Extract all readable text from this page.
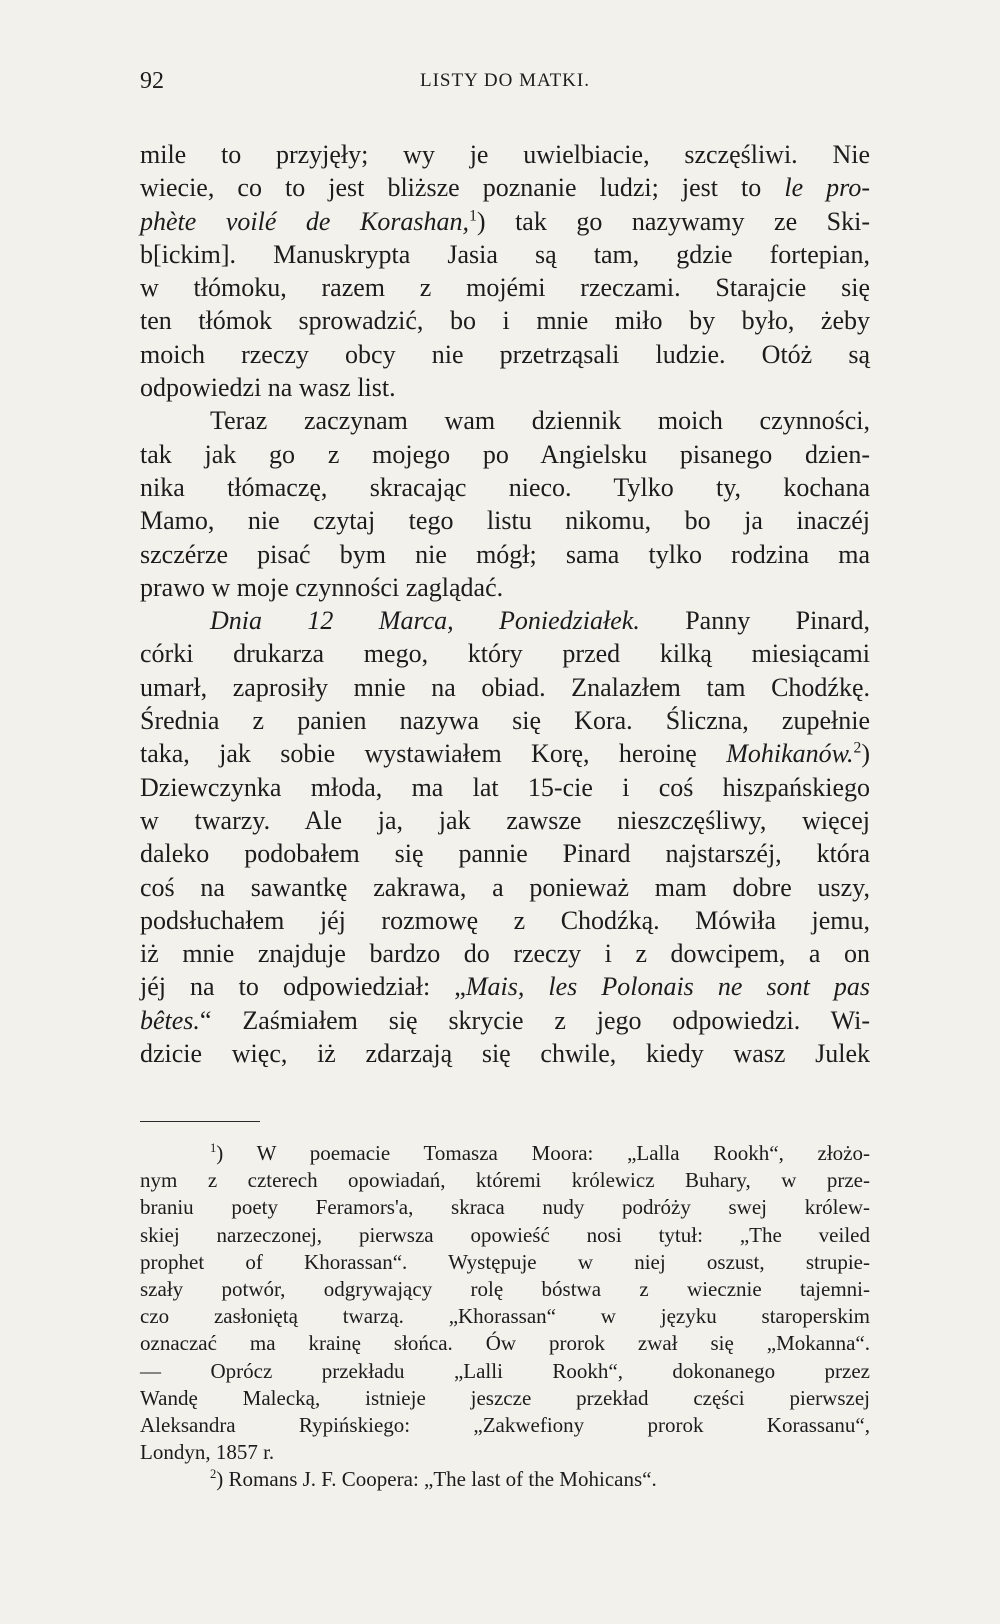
92	LISTY DO MATKI.
mile to przyjęły; wy je uwielbiacie, szczęśliwi. Nie
wiecie, co to jest bliższe poznanie ludzi; jest to le pro-
phète voilé de Korashan,$^1$) tak go nazywamy ze Ski-
b[ickim]. Manuskrypta Jasia są tam, gdzie fortepian,
w tłómoku, razem z mojémi rzeczami. Starajcie się
ten tłómok sprowadzić, bo i mnie miło by było, żeby
moich rzeczy obcy nie przetrząsali ludzie. Otóż są
odpowiedzi na wasz list.
Teraz zaczynam wam dziennik moich czynności,
tak jak go z mojego po Angielsku pisanego dzien-
nika tłómaczę, skracając nieco. Tylko ty, kochana
Mamo, nie czytaj tego listu nikomu, bo ja inaczéj
szczérze pisać bym nie mógł; sama tylko rodzina ma
prawo w moje czynności zaglądać.
Dnia 12 Marca, Poniedziałek. Panny Pinard,
córki drukarza mego, który przed kilką miesiącami
umarł, zaprosiły mnie na obiad. Znalazłem tam Chodźkę.
Średnia z panien nazywa się Kora. Śliczna, zupełnie
taka, jak sobie wystawiałem Korę, heroinę Mohikanów.$^2$)
Dziewczynka młoda, ma lat 15-cie i coś hiszpańskiego
w twarzy. Ale ja, jak zawsze nieszczęśliwy, więcej
daleko podobałem się pannie Pinard najstarszéj, która
coś na sawantkę zakrawa, a ponieważ mam dobre uszy,
podsłuchałem jéj rozmowę z Chodźką. Mówiła jemu,
iż mnie znajduje bardzo do rzeczy i z dowcipem, a on
jéj na to odpowiedział: „Mais, les Polonais ne sont pas
bêtes.“ Zaśmiałem się skrycie z jego odpowiedzi. Wi-
dzicie więc, iż zdarzają się chwile, kiedy wasz Julek
$^1$) W poemacie Tomasza Moora: „Lalla Rookh“, złożo-
nym z czterech opowiadań, któremi królewicz Buhary, w prze-
braniu poety Feramors'a, skraca nudy podróży swej królew-
skiej narzeczonej, pierwsza opowieść nosi tytuł: „The veiled
prophet of Khorassan“. Występuje w niej oszust, strupie-
szały potwór, odgrywający rolę bóstwa z wiecznie tajemni-
czo zasłoniętą twarzą. „Khorassan“ w języku staroperskim
oznaczać ma krainę słońca. Ów prorok zwał się „Mokanna“.
— Oprócz przekładu „Lalli Rookh“, dokonanego przez
Wandę Malecką, istnieje jeszcze przekład części pierwszej
Aleksandra Rypińskiego: „Zakwefiony prorok Korassanu“,
Londyn, 1857 r.
$^2$) Romans J. F. Coopera: „The last of the Mohicans“.
